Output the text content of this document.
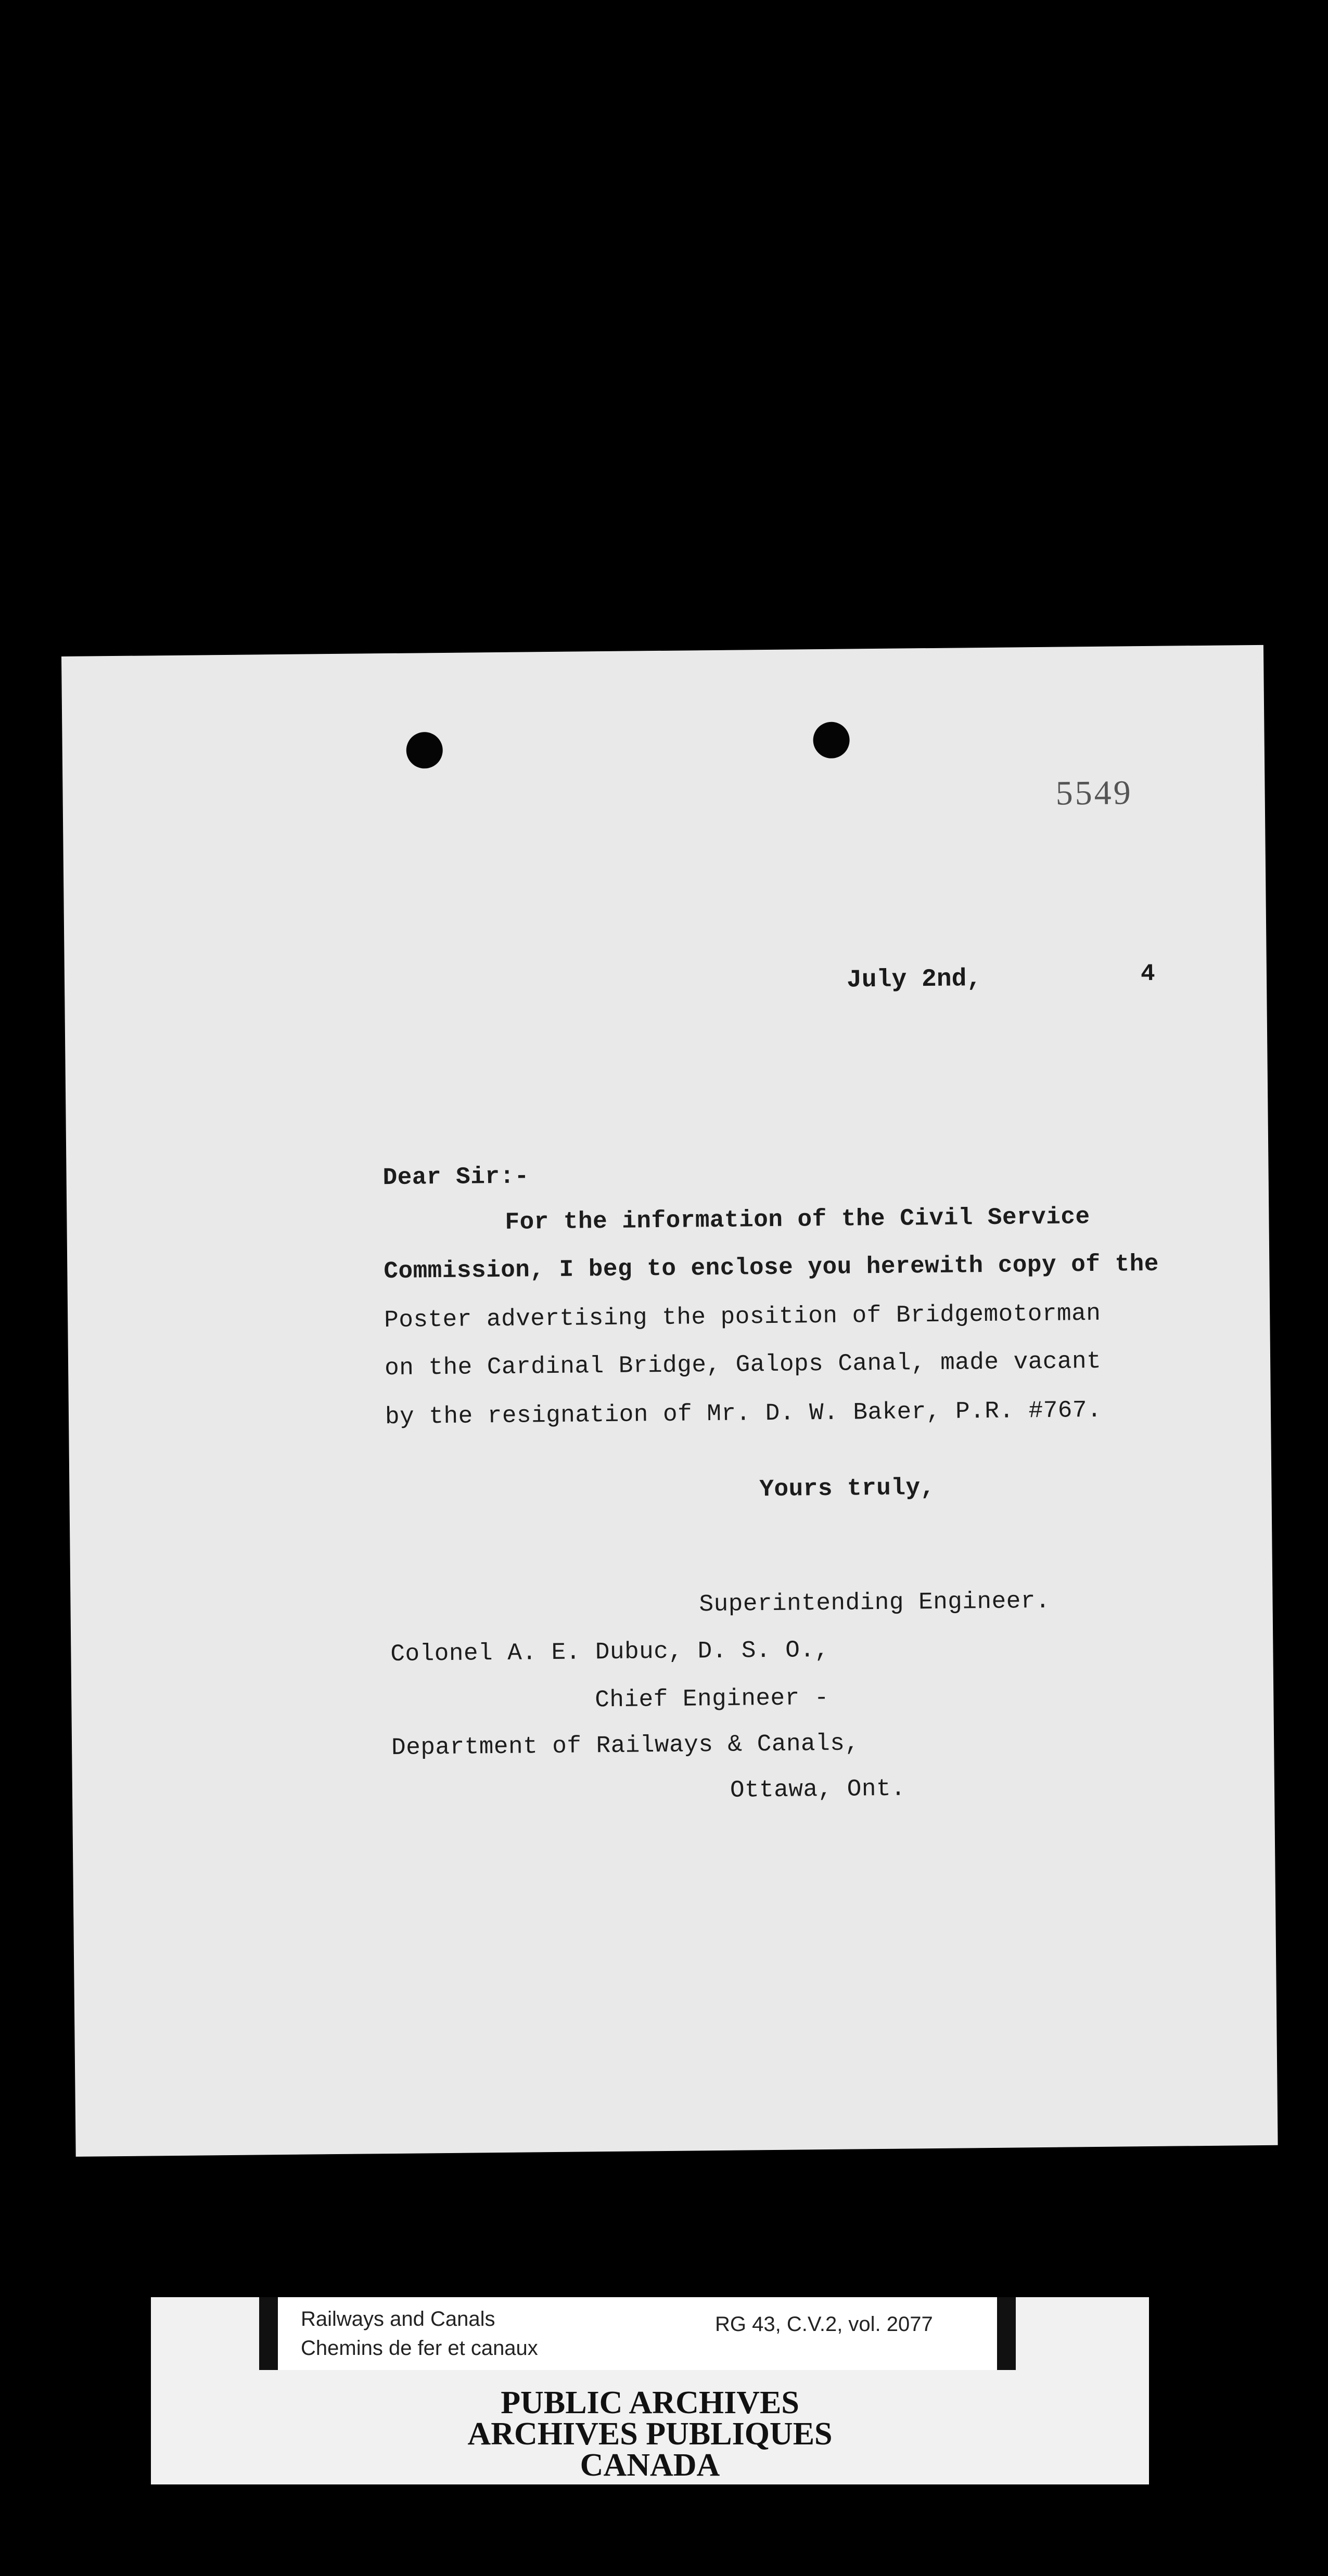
5549
July 2nd,	4
Dear Sir:-
For the information of the Civil Service
Commission, I beg to enclose you herewith copy of the
Poster advertising the position of Bridgemotorman
on the Cardinal Bridge, Galops Canal, made vacant
by the resignation of Mr. D. W. Baker, P.R. #767.
Yours truly,
Superintending Engineer.
Colonel A. E. Dubuc, D. S. O.,
Chief Engineer -
Department of Railways & Canals,
Ottawa, Ont.
Railways and Canals
Chemins de fer et canaux
RG 43, C.V.2, vol. 2077
PUBLIC ARCHIVES
ARCHIVES PUBLIQUES
CANADA
